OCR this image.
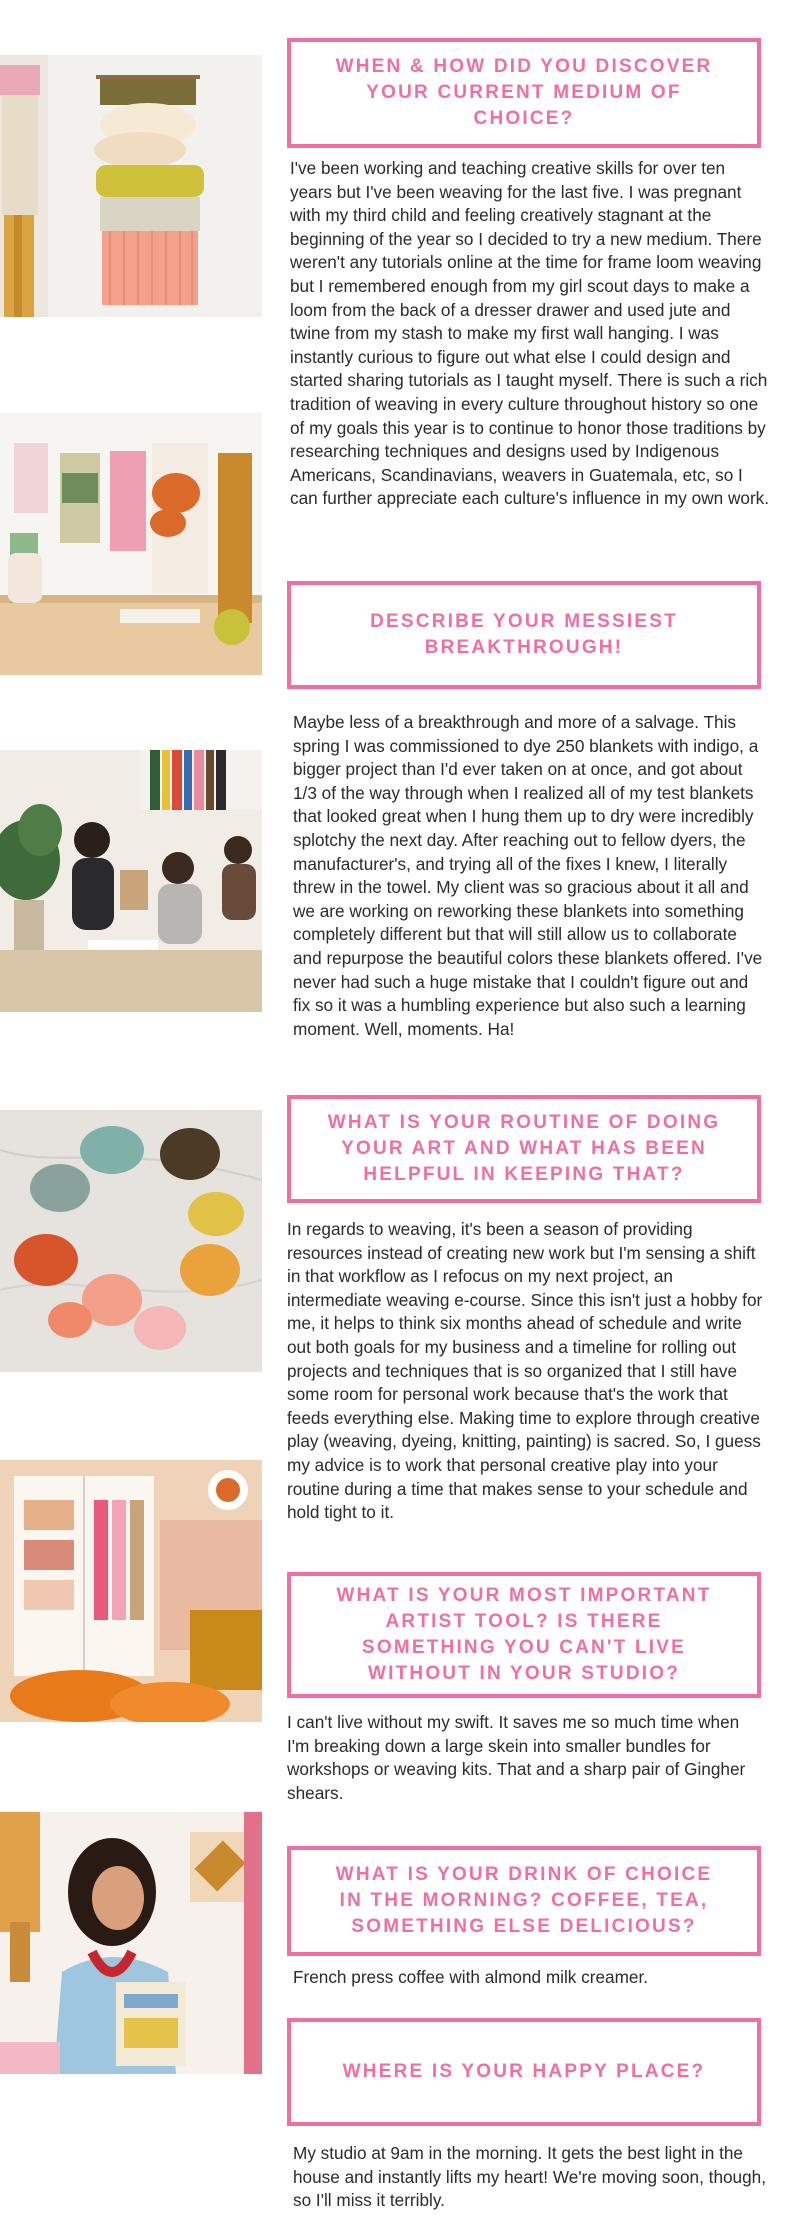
WHEN & HOW DID YOU DISCOVER YOUR CURRENT MEDIUM OF CHOICE?
DESCRIBE YOUR MESSIEST BREAKTHROUGH!
WHAT IS YOUR ROUTINE OF DOING YOUR ART AND WHAT HAS BEEN HELPFUL IN KEEPING THAT?
WHAT IS YOUR MOST IMPORTANT ARTIST TOOL? IS THERE SOMETHING YOU CAN'T LIVE WITHOUT IN YOUR STUDIO?
WHAT IS YOUR DRINK OF CHOICE IN THE MORNING? COFFEE, TEA, SOMETHING ELSE DELICIOUS?
WHERE IS YOUR HAPPY PLACE?

I've been working and teaching creative skills for over ten years but I've been weaving for the last five. I was pregnant with my third child and feeling creatively stagnant at the beginning of the year so I decided to try a new medium. There weren't any tutorials online at the time for frame loom weaving but I remembered enough from my girl scout days to make a loom from the back of a dresser drawer and used jute and twine from my stash to make my first wall hanging. I was instantly curious to figure out what else I could design and started sharing tutorials as I taught myself. There is such a rich tradition of weaving in every culture throughout history so one of my goals this year is to continue to honor those traditions by researching techniques and designs used by Indigenous Americans, Scandinavians, weavers in Guatemala, etc, so I can further appreciate each culture's influence in my own work.

Maybe less of a breakthrough and more of a salvage. This spring I was commissioned to dye 250 blankets with indigo, a bigger project than I'd ever taken on at once, and got about 1/3 of the way through when I realized all of my test blankets that looked great when I hung them up to dry were incredibly splotchy the next day. After reaching out to fellow dyers, the manufacturer's, and trying all of the fixes I knew, I literally threw in the towel. My client was so gracious about it all and we are working on reworking these blankets into something completely different but that will still allow us to collaborate and repurpose the beautiful colors these blankets offered. I've never had such a huge mistake that I couldn't figure out and fix so it was a humbling experience but also such a learning moment. Well, moments. Ha!

In regards to weaving, it's been a season of providing resources instead of creating new work but I'm sensing a shift in that workflow as I refocus on my next project, an intermediate weaving e-course. Since this isn't just a hobby for me, it helps to think six months ahead of schedule and write out both goals for my business and a timeline for rolling out projects and techniques that is so organized that I still have some room for personal work because that's the work that feeds everything else. Making time to explore through creative play (weaving, dyeing, knitting, painting) is sacred. So, I guess my advice is to work that personal creative play into your routine during a time that makes sense to your schedule and hold tight to it.

I can't live without my swift. It saves me so much time when I'm breaking down a large skein into smaller bundles for workshops or weaving kits. That and a sharp pair of Gingher shears.

French press coffee with almond milk creamer.

My studio at 9am in the morning. It gets the best light in the house and instantly lifts my heart! We're moving soon, though, so I'll miss it terribly.
